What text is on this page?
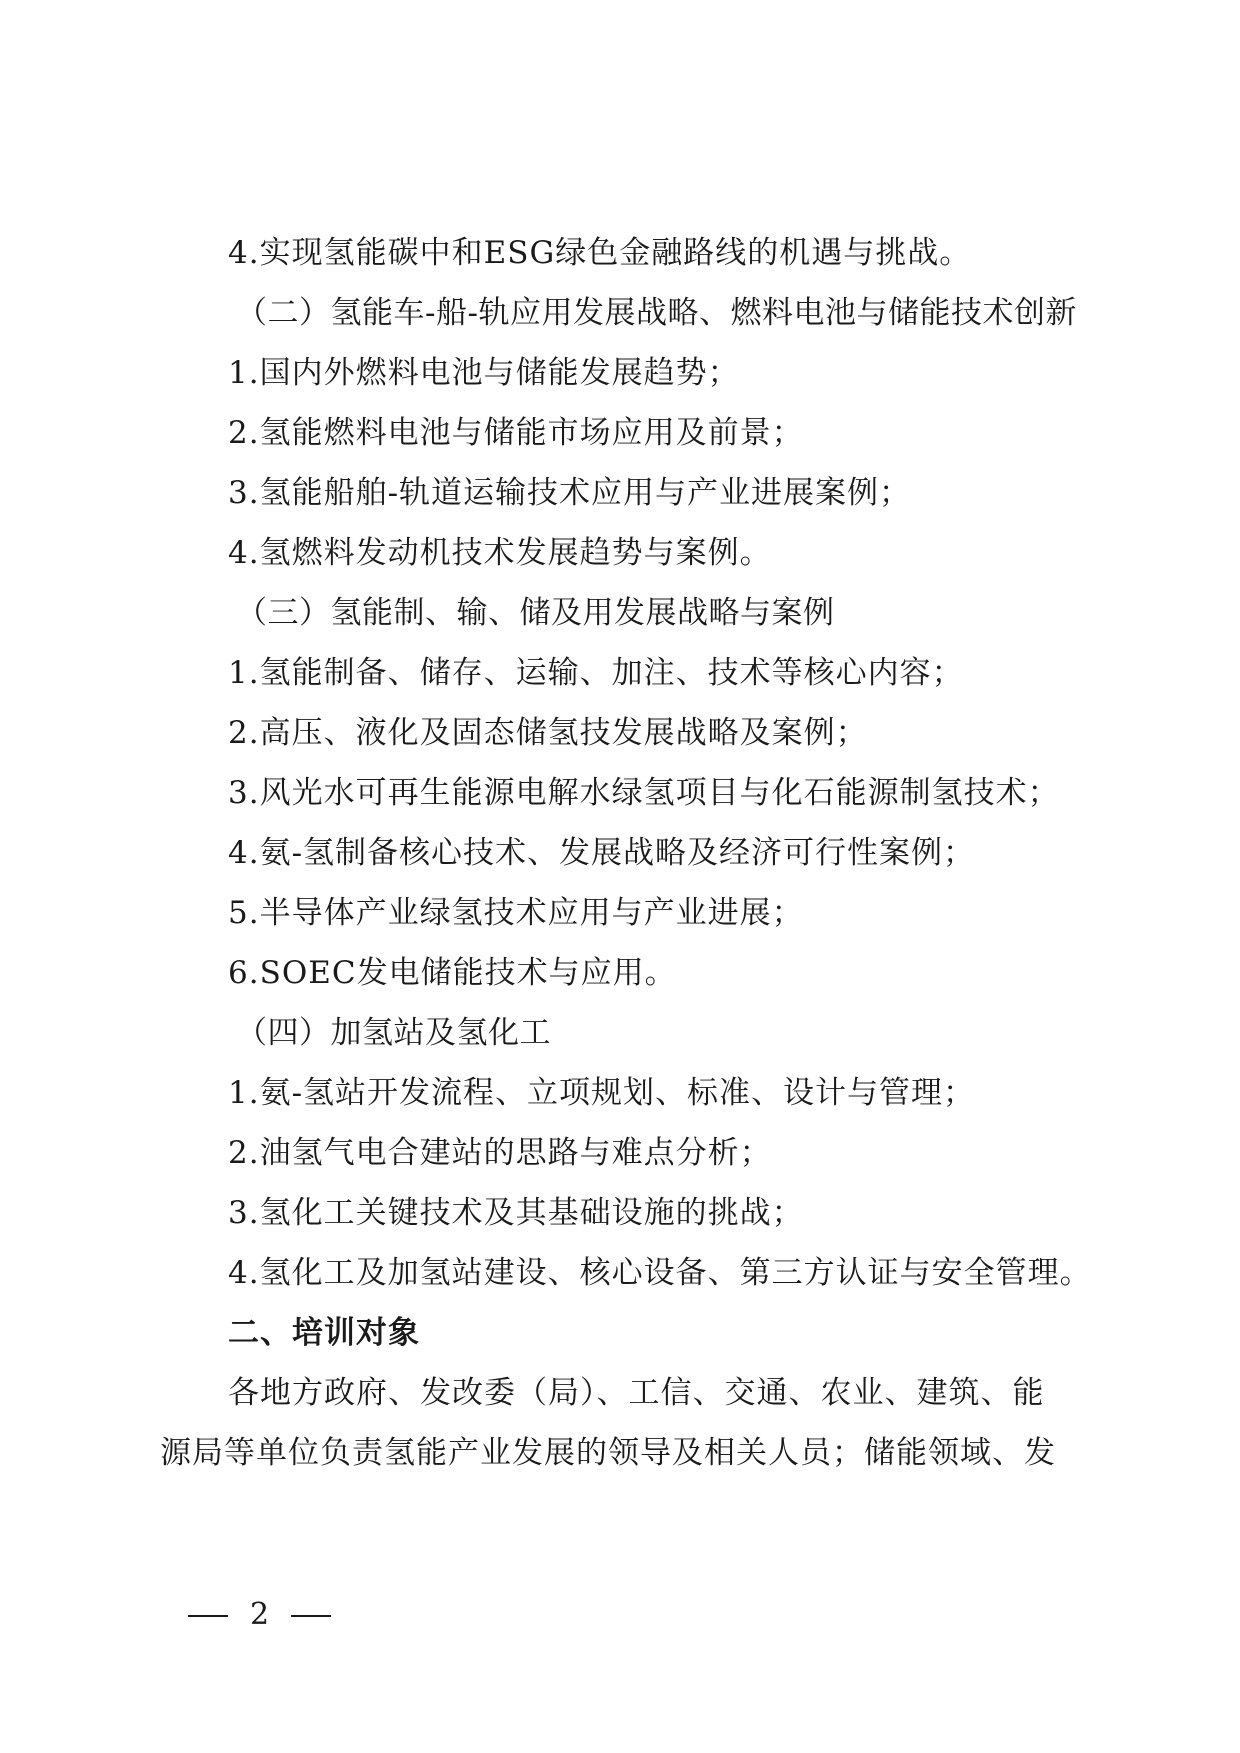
4.实现氢能碳中和ESG绿色金融路线的机遇与挑战。
（二）氢能车-船-轨应用发展战略、燃料电池与储能技术创新
1.国内外燃料电池与储能发展趋势；
2.氢能燃料电池与储能市场应用及前景；
3.氢能船舶-轨道运输技术应用与产业进展案例；
4.氢燃料发动机技术发展趋势与案例。
（三）氢能制、输、储及用发展战略与案例
1.氢能制备、储存、运输、加注、技术等核心内容；
2.高压、液化及固态储氢技发展战略及案例；
3.风光水可再生能源电解水绿氢项目与化石能源制氢技术；
4.氨-氢制备核心技术、发展战略及经济可行性案例；
5.半导体产业绿氢技术应用与产业进展；
6.SOEC发电储能技术与应用。
（四）加氢站及氢化工
1.氨-氢站开发流程、立项规划、标准、设计与管理；
2.油氢气电合建站的思路与难点分析；
3.氢化工关键技术及其基础设施的挑战；
4.氢化工及加氢站建设、核心设备、第三方认证与安全管理。
二、培训对象
各地方政府、发改委（局）、工信、交通、农业、建筑、能
源局等单位负责氢能产业发展的领导及相关人员；储能领域、发
2
